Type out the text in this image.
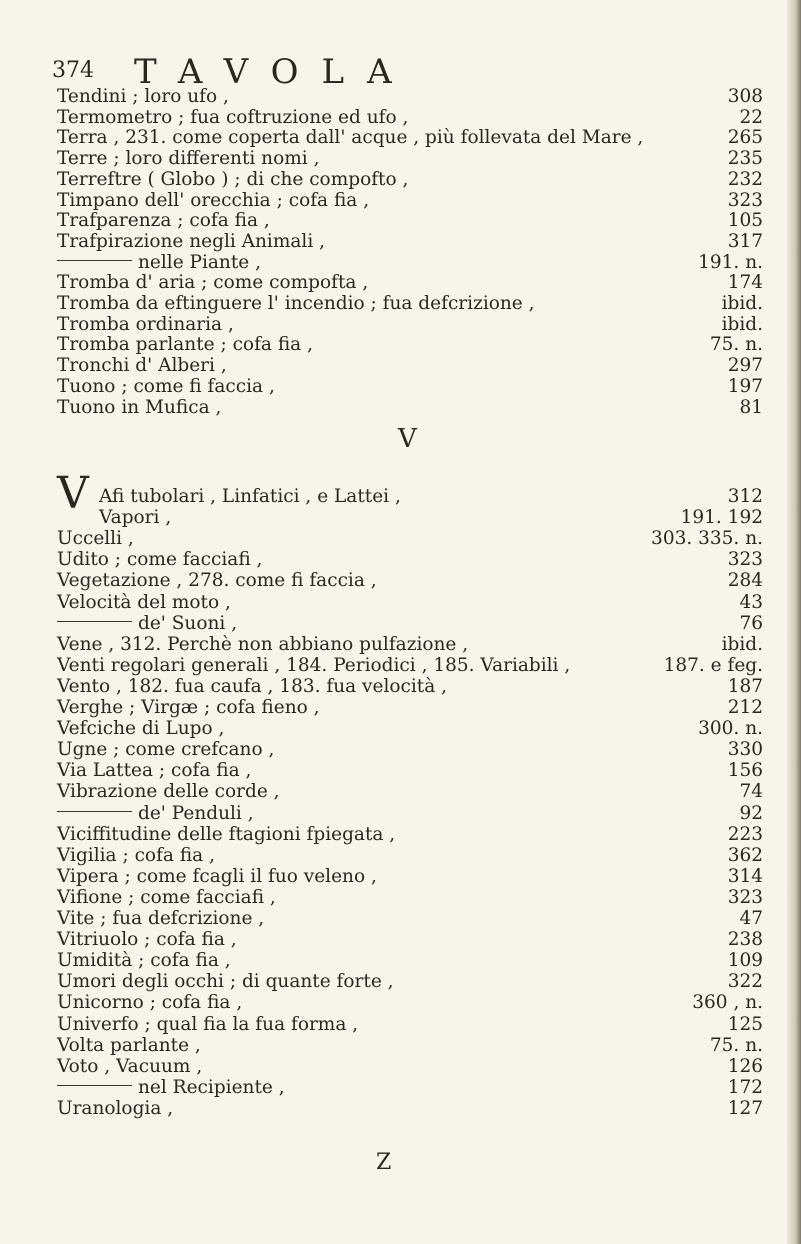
374 TAVOLA
Tendini ; loro ufo ,	308
Termometro ; fua coftruzione ed ufo ,	22
Terra , 231. come coperta dall' acque , più follevata del Mare ,	265
Terre ; loro differenti nomi ,	235
Terreftre ( Globo ) ; di che compofto ,	232
Timpano dell' orecchia ; cofa fia ,	323
Trafparenza ; cofa fia ,	105
Trafpirazione negli Animali ,	317
nelle Piante ,	191. n.
Tromba d' aria ; come compofta ,	174
Tromba da eftinguere l' incendio ; fua defcrizione ,	ibid.
Tromba ordinaria ,	ibid.
Tromba parlante ; cofa fia ,	75. n.
Tronchi d' Alberi ,	297
Tuono ; come fi faccia ,	197
Tuono in Mufica ,	81
V
V Afi tubolari , Linfatici , e Lattei ,	312
Vapori ,	191. 192
Uccelli ,	303. 335. n.
Udito ; come facciafi ,	323
Vegetazione , 278. come fi faccia ,	284
Velocità del moto ,	43
de' Suoni ,	76
Vene , 312. Perchè non abbiano pulfazione ,	ibid.
Venti regolari generali , 184. Periodici , 185. Variabili ,	187. e feg.
Vento , 182. fua caufa , 183. fua velocità ,	187
Verghe ; Virgæ ; cofa fieno ,	212
Vefciche di Lupo ,	300. n.
Ugne ; come crefcano ,	330
Via Lattea ; cofa fia ,	156
Vibrazione delle corde ,	74
de' Penduli ,	92
Viciffitudine delle ftagioni fpiegata ,	223
Vigilia ; cofa fia ,	362
Vipera ; come fcagli il fuo veleno ,	314
Vifione ; come facciafi ,	323
Vite ; fua defcrizione ,	47
Vitriuolo ; cofa fia ,	238
Umidità ; cofa fia ,	109
Umori degli occhi ; di quante forte ,	322
Unicorno ; cofa fia ,	360 , n.
Univerfo ; qual fia la fua forma ,	125
Volta parlante ,	75. n.
Voto , Vacuum ,	126
nel Recipiente ,	172
Uranologia ,	127
Z
